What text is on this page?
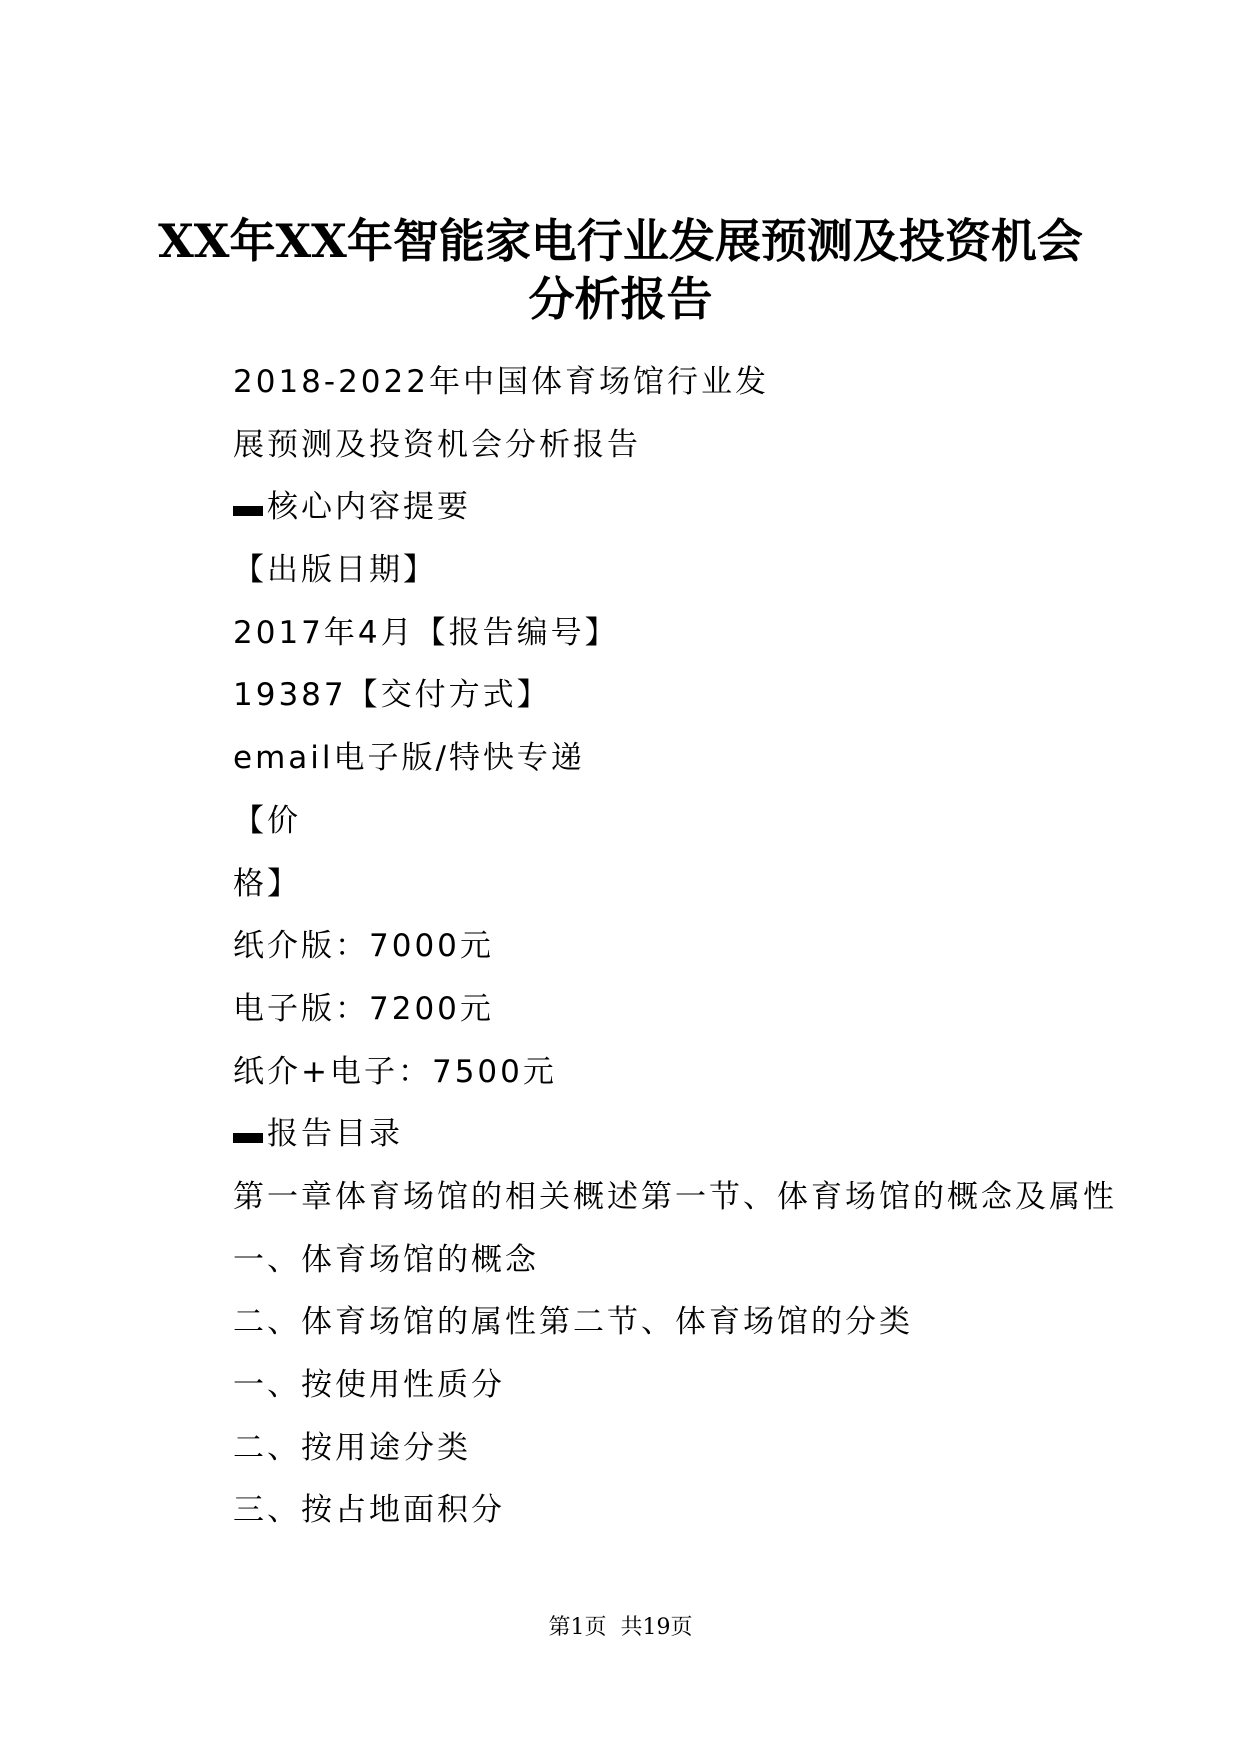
XX年XX年智能家电行业发展预测及投资机会
分析报告
2018-2022年中国体育场馆行业发
展预测及投资机会分析报告
核心内容提要
【出版日期】
2017年4月【报告编号】
19387【交付方式】
email电子版/特快专递
【价
格】
纸介版：7000元
电子版：7200元
纸介+电子：7500元
报告目录
第一章体育场馆的相关概述第一节、体育场馆的概念及属性
一、体育场馆的概念
二、体育场馆的属性第二节、体育场馆的分类
一、按使用性质分
二、按用途分类
三、按占地面积分
第1页 共19页
